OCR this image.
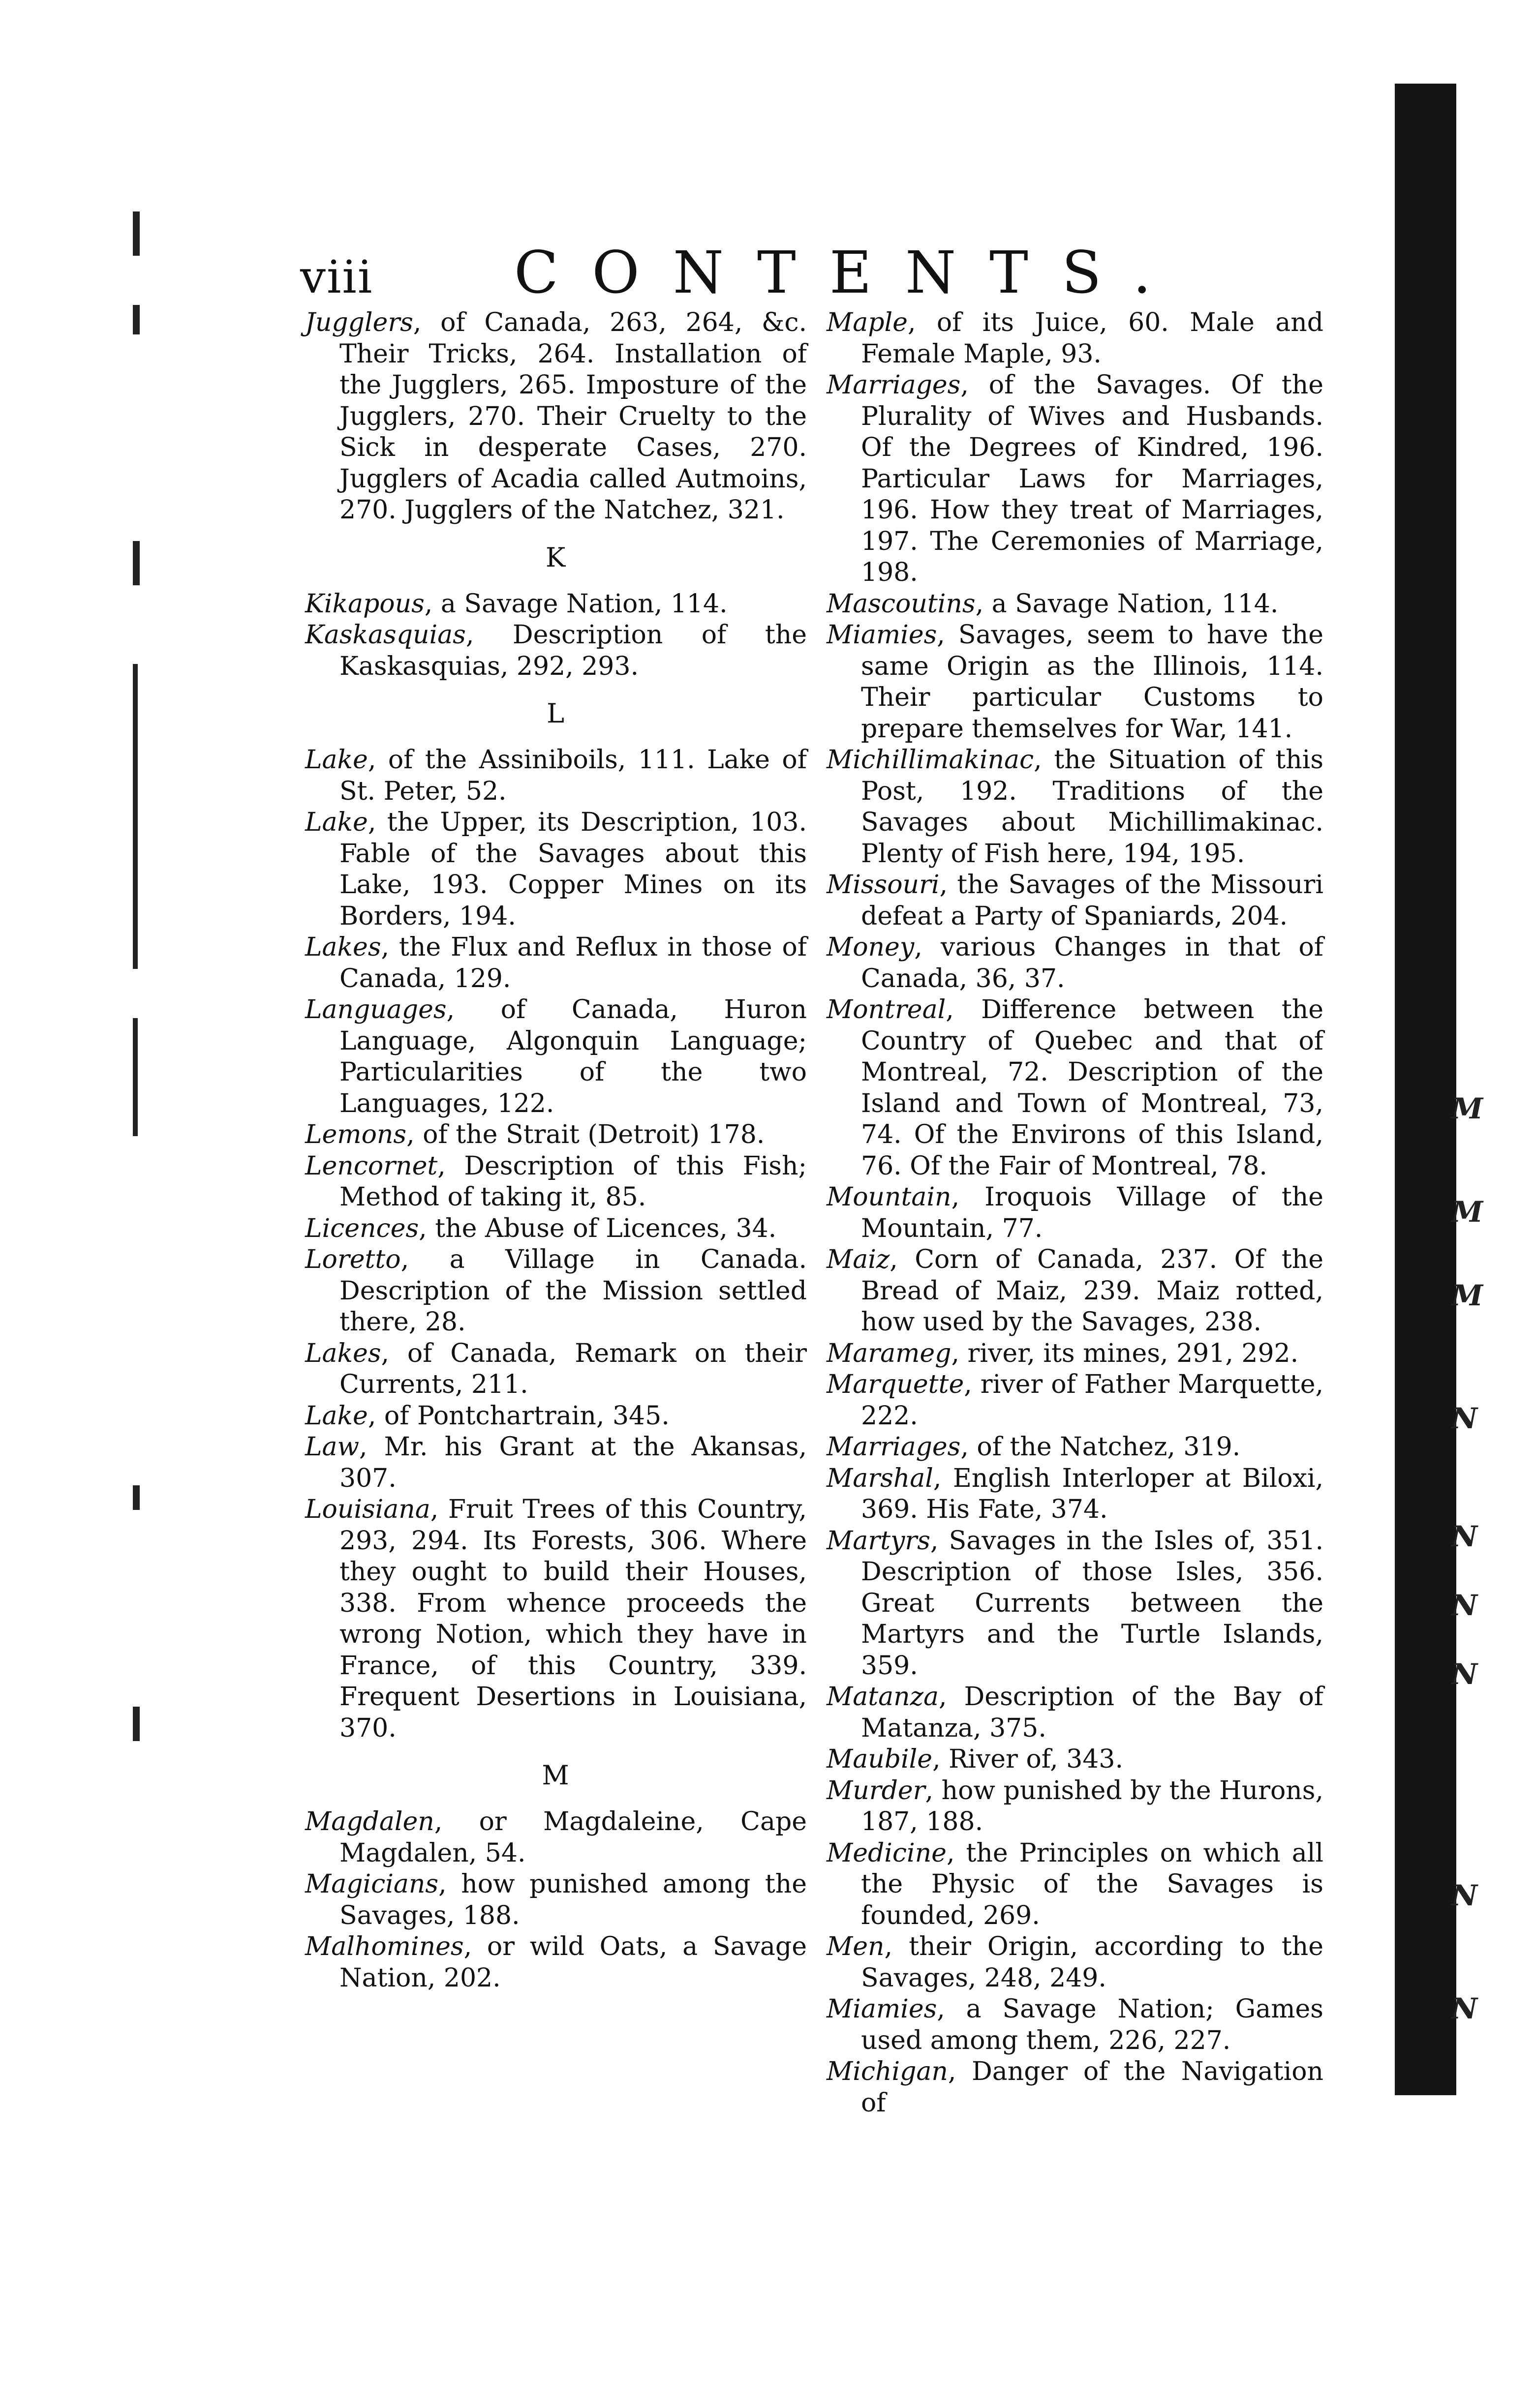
viii CONTENTS.

Jugglers, of Canada, 263, 264, &c. Their Tricks, 264. Installation of the Jugglers, 265. Imposture of the Jugglers, 270. Their Cruelty to the Sick in desperate Cases, 270. Jugglers of Acadia called Autmoins, 270. Jugglers of the Natchez, 321.

K

Kikapous, a Savage Nation, 114.

Kaskasquias, Description of the Kaskasquias, 292, 293.

L

Lake, of the Assiniboils, 111. Lake of St. Peter, 52.

Lake, the Upper, its Description, 103. Fable of the Savages about this Lake, 193. Copper Mines on its Borders, 194.

Lakes, the Flux and Reflux in those of Canada, 129.

Languages, of Canada, Huron Language, Algonquin Language; Particularities of the two Languages, 122.

Lemons, of the Strait (Detroit) 178.

Lencornet, Description of this Fish; Method of taking it, 85.

Licences, the Abuse of Licences, 34.

Loretto, a Village in Canada. Description of the Mission settled there, 28.

Lakes, of Canada, Remark on their Currents, 211.

Lake, of Pontchartrain, 345.

Law, Mr. his Grant at the Akansas, 307.

Louisiana, Fruit Trees of this Country, 293, 294. Its Forests, 306. Where they ought to build their Houses, 338. From whence proceeds the wrong Notion, which they have in France, of this Country, 339. Frequent Desertions in Louisiana, 370.

M

Magdalen, or Magdaleine, Cape Magdalen, 54.

Magicians, how punished among the Savages, 188.

Malhomines, or wild Oats, a Savage Nation, 202.

Maple, of its Juice, 60. Male and Female Maple, 93.

Marriages, of the Savages. Of the Plurality of Wives and Husbands. Of the Degrees of Kindred, 196. Particular Laws for Marriages, 196. How they treat of Marriages, 197. The Ceremonies of Marriage, 198.

Mascoutins, a Savage Nation, 114.

Miamies, Savages, seem to have the same Origin as the Illinois, 114. Their particular Customs to prepare themselves for War, 141.

Michillimakinac, the Situation of this Post, 192. Traditions of the Savages about Michillimakinac. Plenty of Fish here, 194, 195.

Missouri, the Savages of the Missouri defeat a Party of Spaniards, 204.

Money, various Changes in that of Canada, 36, 37.

Montreal, Difference between the Country of Quebec and that of Montreal, 72. Description of the Island and Town of Montreal, 73, 74. Of the Environs of this Island, 76. Of the Fair of Montreal, 78.

Mountain, Iroquois Village of the Mountain, 77.

Maiz, Corn of Canada, 237. Of the Bread of Maiz, 239. Maiz rotted, how used by the Savages, 238.

Marameg, river, its mines, 291, 292.

Marquette, river of Father Marquette, 222.

Marriages, of the Natchez, 319.

Marshal, English Interloper at Biloxi, 369. His Fate, 374.

Martyrs, Savages in the Isles of, 351. Description of those Isles, 356. Great Currents between the Martyrs and the Turtle Islands, 359.

Matanza, Description of the Bay of Matanza, 375.

Maubile, River of, 343.

Murder, how punished by the Hurons, 187, 188.

Medicine, the Principles on which all the Physic of the Savages is founded, 269.

Men, their Origin, according to the Savages, 248, 249.

Miamies, a Savage Nation; Games used among them, 226, 227.

Michigan, Danger of the Navigation of

M
M
M
N
N
N
N
N
N
